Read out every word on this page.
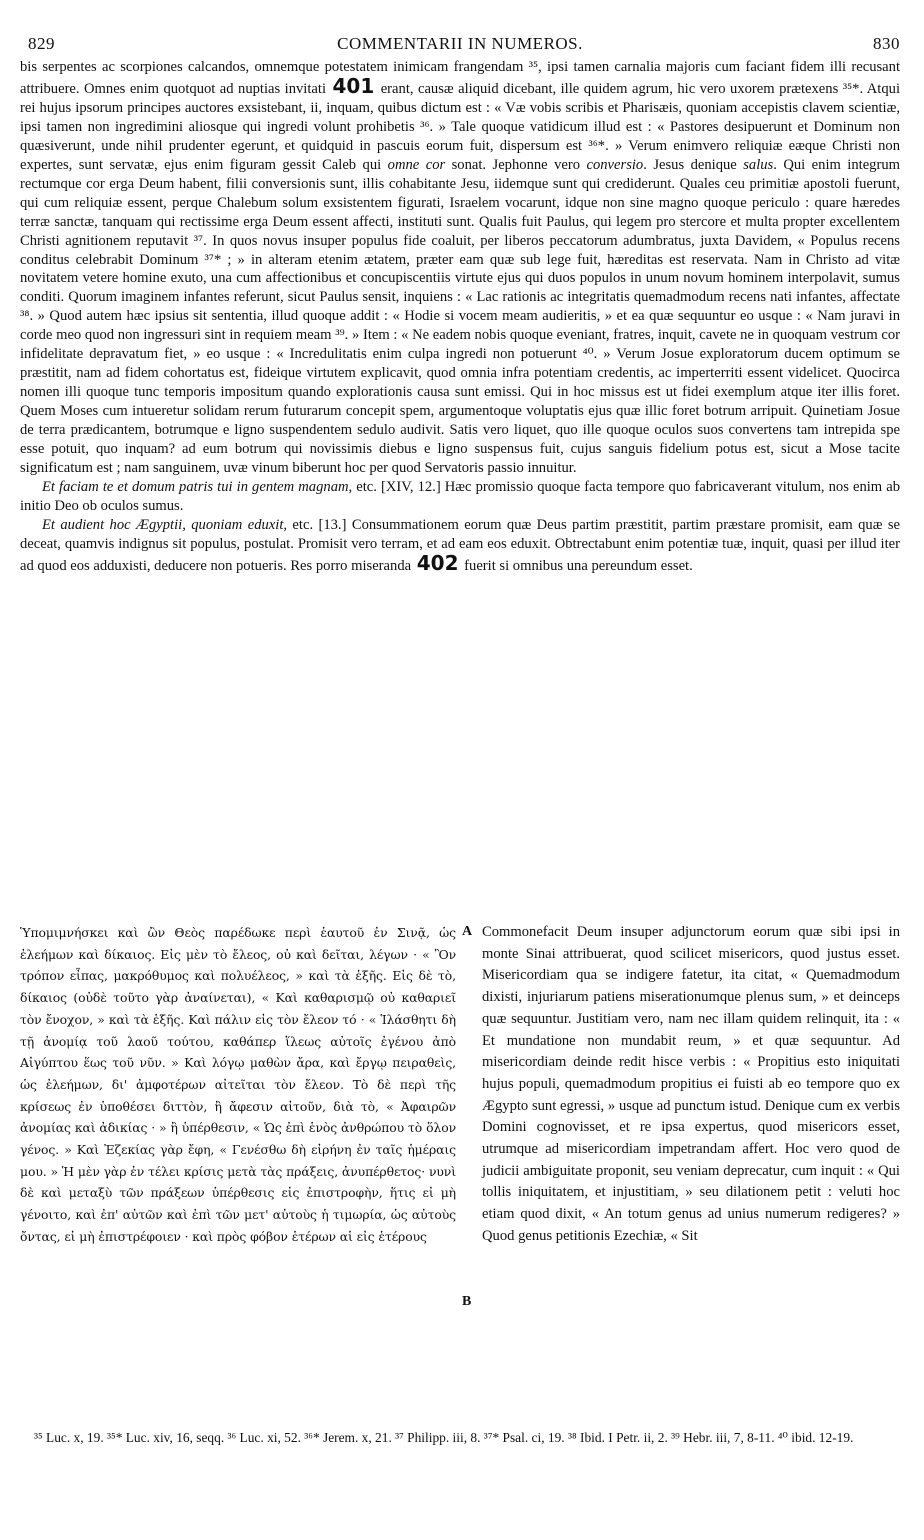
829	COMMENTARII IN NUMEROS.	830

bis serpentes ac scorpiones calcandos, omnemque potestatem inimicam frangendam ³⁵, ipsi tamen carnalia majoris cum faciant fidem illi recusant attribuere. Omnes enim quotquot ad nuptias invitati 401 erant, causæ aliquid dicebant, ille quidem agrum, hic vero uxorem prætexens ³⁵*. Atqui rei hujus ipsorum principes auctores exsistebant, ii, inquam, quibus dictum est : « Væ vobis scribis et Pharisæis, quoniam accepistis clavem scientiæ, ipsi tamen non ingredimini aliosque qui ingredi volunt prohibetis ³⁶. » Tale quoque vatidicum illud est : « Pastores desipuerunt et Dominum non quæsiverunt, unde nihil prudenter egerunt, et quidquid in pascuis eorum fuit, dispersum est ³⁶*. » Verum enimvero reliquiæ eæque Christi non expertes, sunt servatæ, ejus enim figuram gessit Caleb qui omne cor sonat. Jephonne vero conversio. Jesus denique salus. Qui enim integrum rectumque cor erga Deum habent, filii conversionis sunt, illis cohabitante Jesu, iidemque sunt qui crediderunt. Quales ceu primitiæ apostoli fuerunt, qui cum reliquiæ essent, perque Chalebum solum exsistentem figurati, Israelem vocarunt, idque non sine magno quoque periculo : quare hæredes terræ sanctæ, tanquam qui rectissime erga Deum essent affecti, instituti sunt. Qualis fuit Paulus, qui legem pro stercore et multa propter excellentem Christi agnitionem reputavit ³⁷. In quos novus insuper populus fide coaluit, per liberos peccatorum adumbratus, juxta Davidem, « Populus recens conditus celebrabit Dominum ³⁷* ; » in alteram etenim ætatem, præter eam quæ sub lege fuit, hæreditas est reservata. Nam in Christo ad vitæ novitatem vetere homine exuto, una cum affectionibus et concupiscentiis virtute ejus qui duos populos in unum novum hominem interpolavit, sumus conditi. Quorum imaginem infantes referunt, sicut Paulus sensit, inquiens : « Lac rationis ac integritatis quemadmodum recens nati infantes, affectate ³⁸. » Quod autem hæc ipsius sit sententia, illud quoque addit : « Hodie si vocem meam audieritis, » et ea quæ sequuntur eo usque : « Nam juravi in corde meo quod non ingressuri sint in requiem meam ³⁹. » Item : « Ne eadem nobis quoque eveniant, fratres, inquit, cavete ne in quoquam vestrum cor infidelitate depravatum fiet, » eo usque : « Incredulitatis enim culpa ingredi non potuerunt ⁴⁰. » Verum Josue exploratorum ducem optimum se præstitit, nam ad fidem cohortatus est, fideique virtutem explicavit, quod omnia infra potentiam credentis, ac imperterriti essent videlicet. Quocirca nomen illi quoque tunc temporis impositum quando explorationis causa sunt emissi. Qui in hoc missus est ut fidei exemplum atque iter illis foret. Quem Moses cum intueretur solidam rerum futurarum concepit spem, argumentoque voluptatis ejus quæ illic foret botrum arripuit. Quinetiam Josue de terra prædicantem, botrumque e ligno suspendentem sedulo audivit. Satis vero liquet, quo ille quoque oculos suos convertens tam intrepida spe esse potuit, quo inquam? ad eum botrum qui novissimis diebus e ligno suspensus fuit, cujus sanguis fidelium potus est, sicut a Mose tacite significatum est ; nam sanguinem, uvæ vinum biberunt hoc per quod Servatoris passio innuitur.

Et faciam te et domum patris tui in gentem magnam, etc. [XIV, 12.] Hæc promissio quoque facta tempore quo fabricaverant vitulum, nos enim ab initio Deo ob oculos sumus.

Et audient hoc Ægyptii, quoniam eduxit, etc. [13.] Consummationem eorum quæ Deus partim præstitit, partim præstare promisit, eam quæ se deceat, quamvis indignus sit populus, postulat. Promisit vero terram, et ad eam eos eduxit. Obtrectabunt enim potentiæ tuæ, inquit, quasi per illud iter ad quod eos adduxisti, deducere non potueris. Res porro miseranda 402 fuerit si omnibus una pereundum esset.

Ὑπομιμνήσκει καὶ ὢν Θεὸς παρέδωκε περὶ ἑαυτοῦ ἐν Σινᾷ, ὡς ἐλεήμων καὶ δίκαιος. Εἰς μὲν τὸ ἔλεος, οὐ καὶ δεῖται, λέγων · « Ὃν τρόπον εἶπας, μακρόθυμος καὶ πολυέλεος, » καὶ τὰ ἑξῆς. Εἰς δὲ τὸ, δίκαιος (οὐδὲ τοῦτο γὰρ ἀναίνεται), « Καὶ καθαρισμῷ οὐ καθαριεῖ τὸν ἔνοχον, » καὶ τὰ ἑξῆς. Καὶ πάλιν εἰς τὸν ἔλεον τό · « Ἱλάσθητι δὴ τῇ ἀνομίᾳ τοῦ λαοῦ τούτου, καθάπερ ἵλεως αὐτοῖς ἐγένου ἀπὸ Αἰγύπτου ἕως τοῦ νῦν. » Καὶ λόγῳ μαθὼν ἄρα, καὶ ἔργῳ πειραθεὶς, ὡς ἐλεήμων, δι' ἀμφοτέρων αἰτεῖται τὸν ἔλεον. Τὸ δὲ περὶ τῆς κρίσεως ἐν ὑποθέσει διττὸν, ἢ ἄφεσιν αἰτοῦν, διὰ τὸ, « Ἀφαιρῶν ἀνομίας καὶ ἀδικίας · » ἢ ὑπέρθεσιν, « Ὡς ἐπὶ ἑνὸς ἀνθρώπου τὸ ὅλον γένος. » Καὶ Ἐζεκίας γὰρ ἔφη, « Γενέσθω δὴ εἰρήνη ἐν ταῖς ἡμέραις μου. » Ἡ μὲν γὰρ ἐν τέλει κρίσις μετὰ τὰς πράξεις, ἀνυπέρθετος· νυνὶ δὲ καὶ μεταξὺ τῶν πράξεων ὑπέρθεσις εἰς ἐπιστροφὴν, ἥτις εἰ μὴ γένοιτο, καὶ ἐπ' αὐτῶν καὶ ἐπὶ τῶν μετ' αὐτοὺς ἡ τιμωρία, ὡς αὐτοὺς ὄντας, εἰ μὴ ἐπιστρέφοιεν · καὶ πρὸς φόβον ἑτέρων αἱ εἰς ἑτέρους

A
B

Commonefacit Deum insuper adjunctorum eorum quæ sibi ipsi in monte Sinai attribuerat, quod scilicet misericors, quod justus esset. Misericordiam qua se indigere fatetur, ita citat, « Quemadmodum dixisti, injuriarum patiens miserationumque plenus sum, » et deinceps quæ sequuntur. Justitiam vero, nam nec illam quidem relinquit, ita : « Et mundatione non mundabit reum, » et quæ sequuntur. Ad misericordiam deinde redit hisce verbis : « Propitius esto iniquitati hujus populi, quemadmodum propitius ei fuisti ab eo tempore quo ex Ægypto sunt egressi, » usque ad punctum istud. Denique cum ex verbis Domini cognovisset, et re ipsa expertus, quod misericors esset, utrumque ad misericordiam impetrandam affert. Hoc vero quod de judicii ambiguitate proponit, seu veniam deprecatur, cum inquit : « Qui tollis iniquitatem, et injustitiam, » seu dilationem petit : veluti hoc etiam quod dixit, « An totum genus ad unius numerum redigeres? » Quod genus petitionis Ezechiæ, « Sit

³⁵ Luc. x, 19. ³⁵* Luc. xiv, 16, seqq. ³⁶ Luc. xi, 52. ³⁶* Jerem. x, 21. ³⁷ Philipp. iii, 8. ³⁷* Psal. ci, 19. ³⁸ Ibid. I Petr. ii, 2. ³⁹ Hebr. iii, 7, 8-11. ⁴⁰ ibid. 12-19.
